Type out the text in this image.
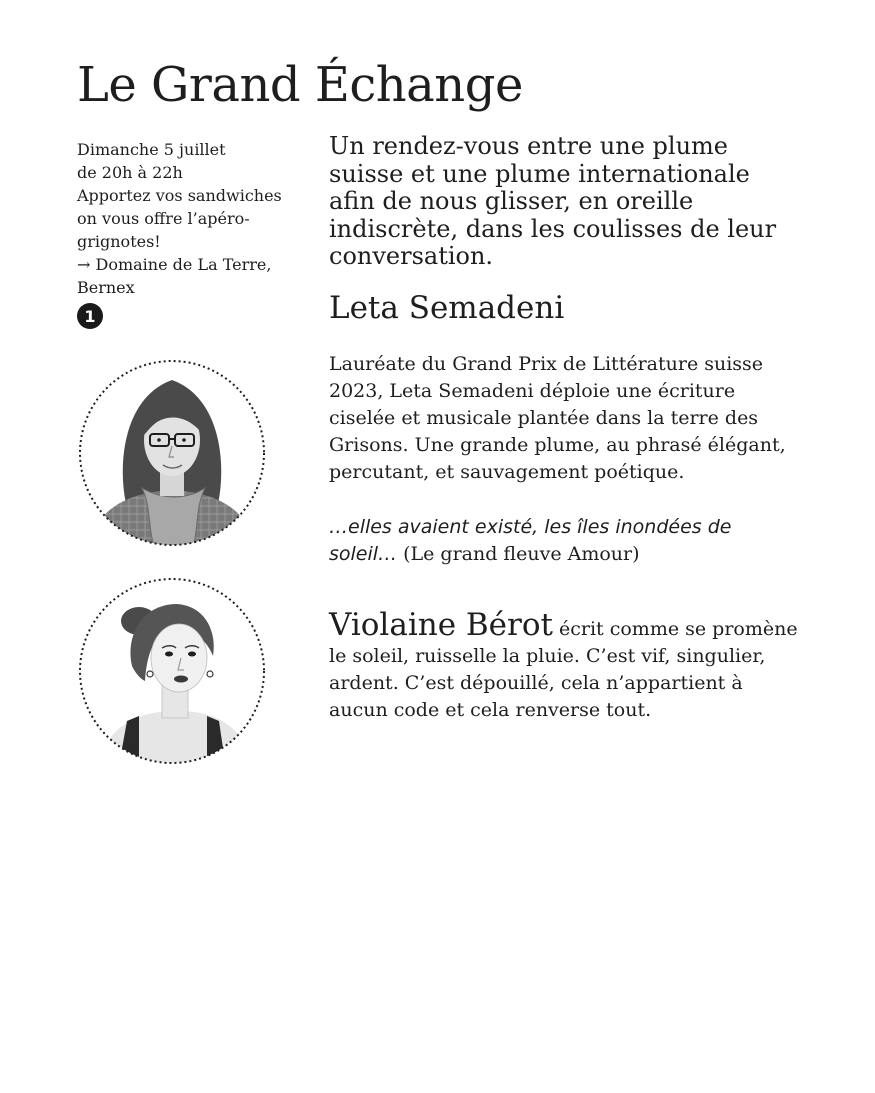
Le Grand Échange
Dimanche 5 juillet
de 20h à 22h
Apportez vos sandwiches
on vous offre l’apéro-
grignotes!
→ Domaine de La Terre,
Bernex
1

Un rendez-vous entre une plume
suisse et une plume internationale
afin de nous glisser, en oreille
indiscrète, dans les coulisses de leur
conversation.

Leta Semadeni

Lauréate du Grand Prix de Littérature suisse
2023, Leta Semadeni déploie une écriture
ciselée et musicale plantée dans la terre des
Grisons. Une grande plume, au phrasé élégant,
percutant, et sauvagement poétique.

…elles avaient existé, les îles inondées de
soleil… (Le grand fleuve Amour)

Violaine Bérot écrit comme se promène
le soleil, ruisselle la pluie. C’est vif, singulier,
ardent. C’est dépouillé, cela n’appartient à
aucun code et cela renverse tout.
